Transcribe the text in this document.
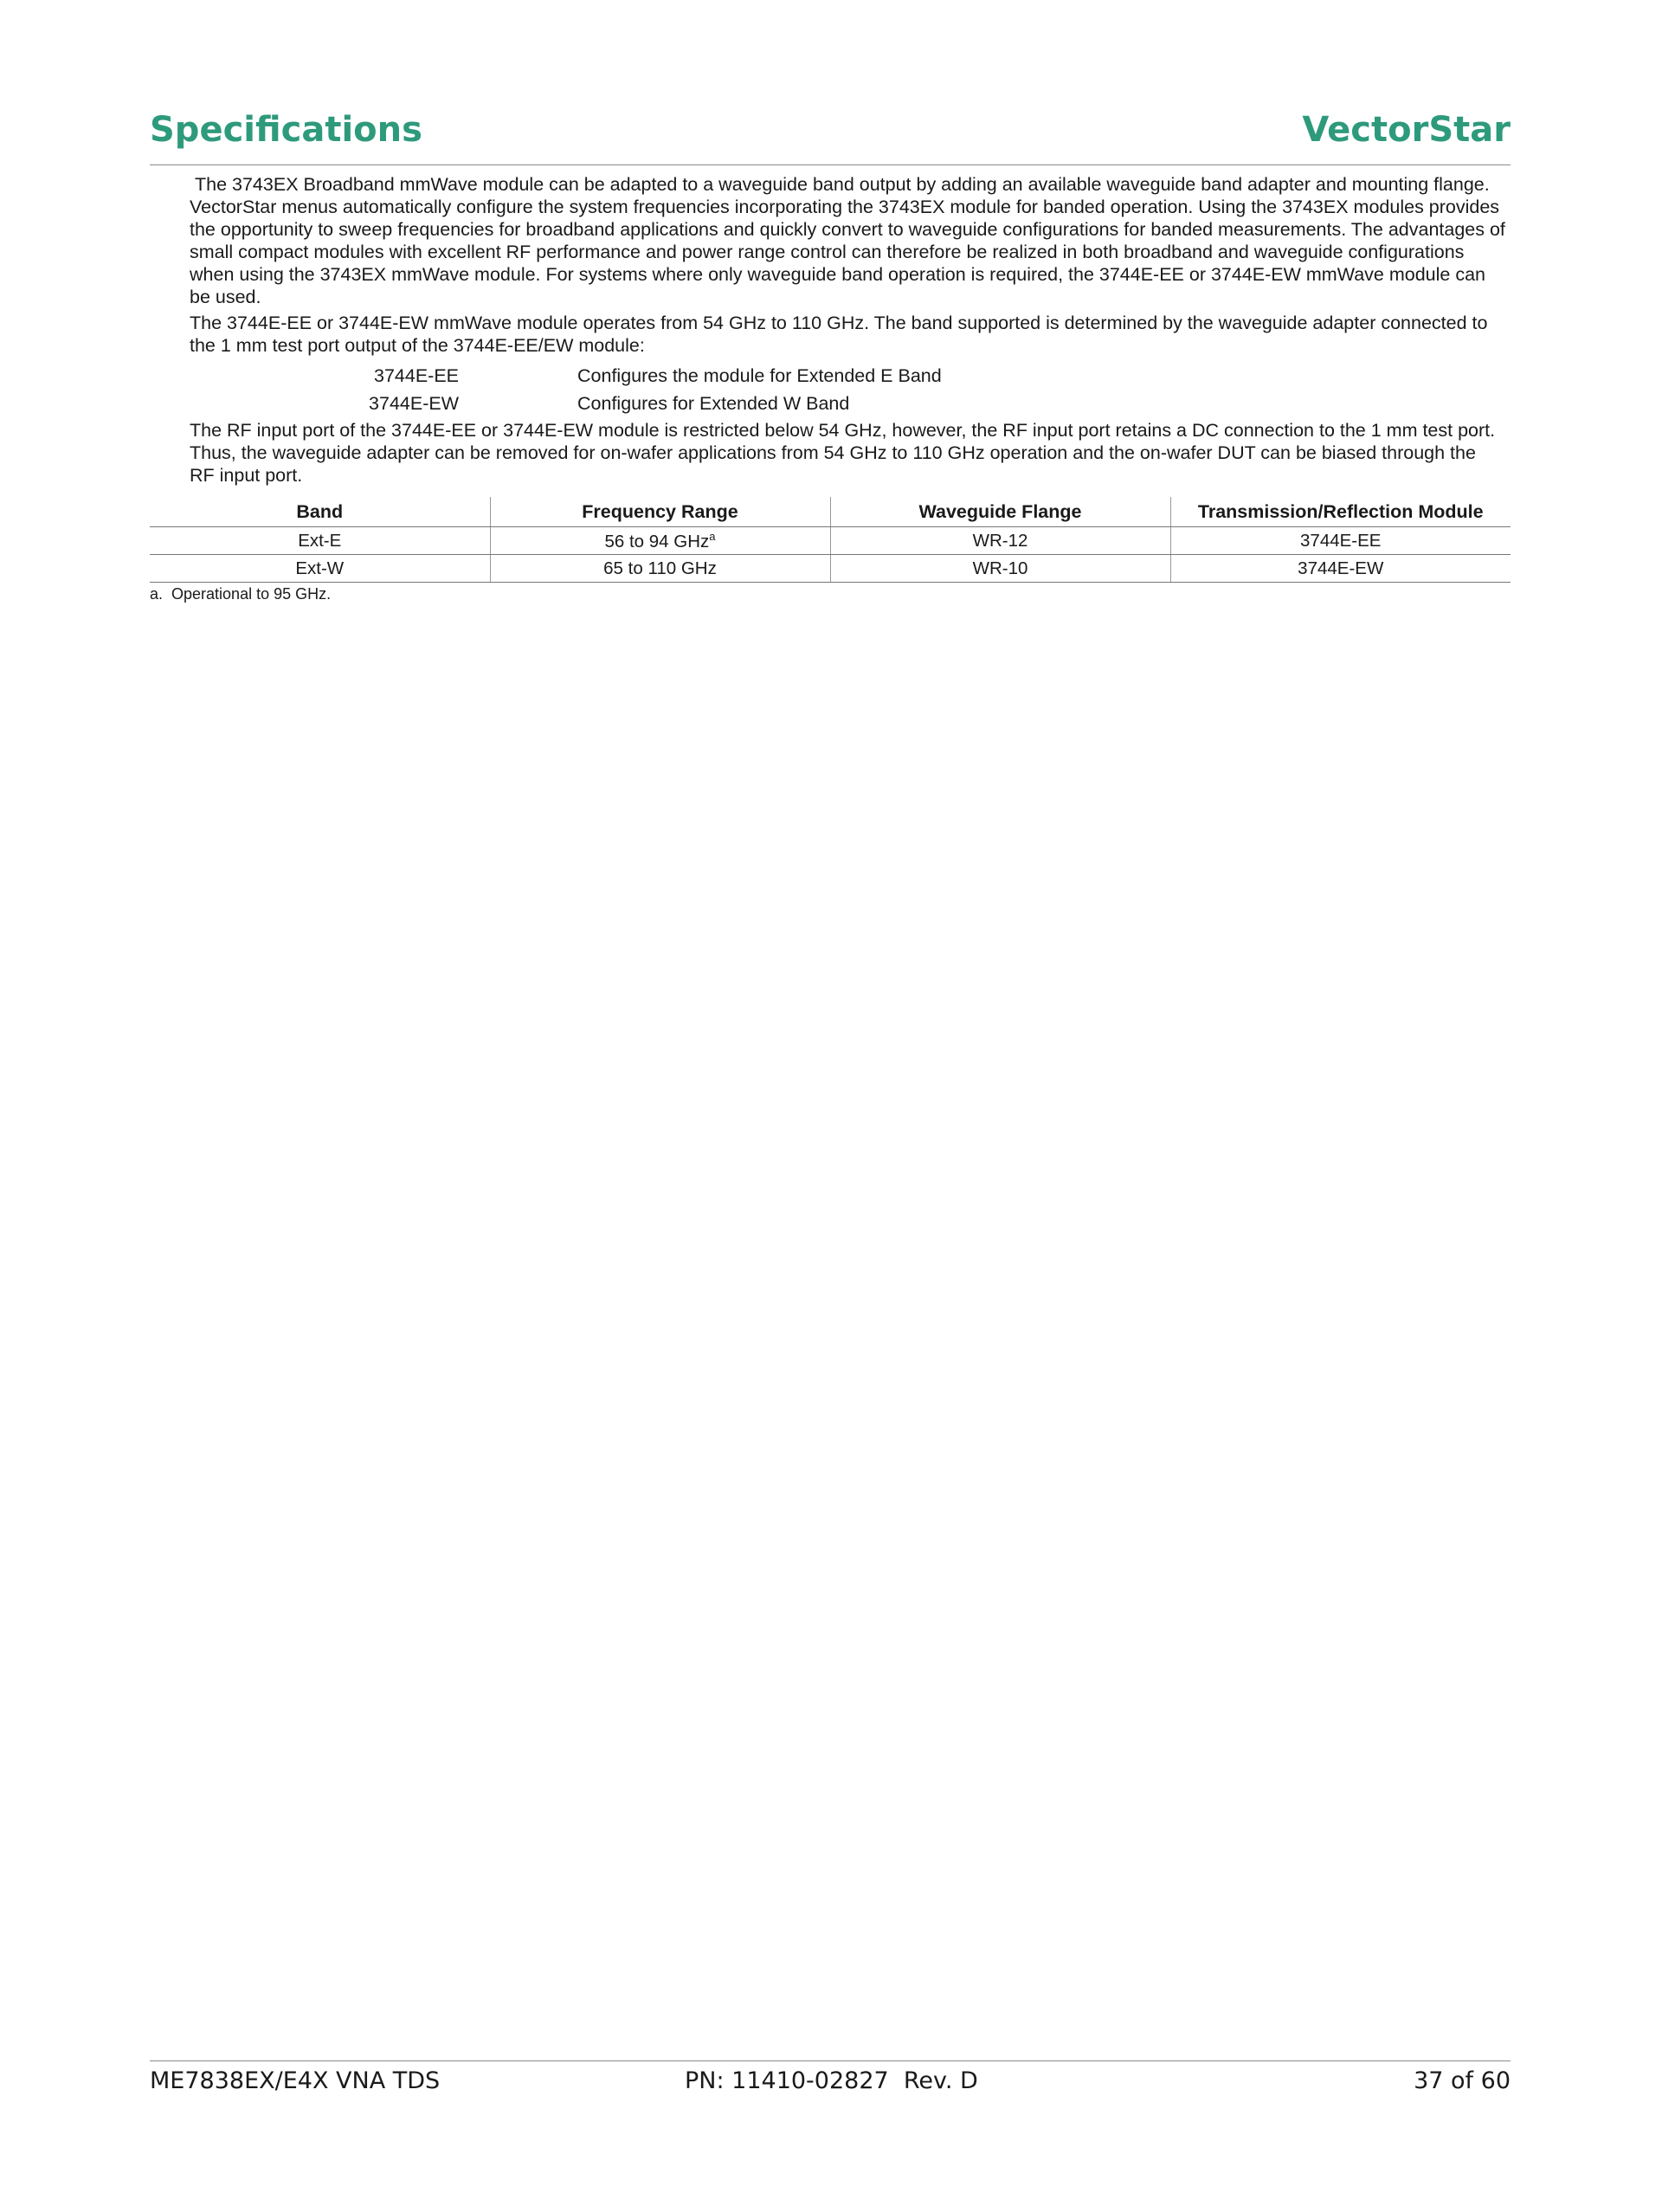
Specifications	VectorStar

The 3743EX Broadband mmWave module can be adapted to a waveguide band output by adding an available waveguide band adapter and mounting flange. VectorStar menus automatically configure the system frequencies incorporating the 3743EX module for banded operation. Using the 3743EX modules provides the opportunity to sweep frequencies for broadband applications and quickly convert to waveguide configurations for banded measurements. The advantages of small compact modules with excellent RF performance and power range control can therefore be realized in both broadband and waveguide configurations when using the 3743EX mmWave module. For systems where only waveguide band operation is required, the 3744E-EE or 3744E-EW mmWave module can be used.

The 3744E-EE or 3744E-EW mmWave module operates from 54 GHz to 110 GHz. The band supported is determined by the waveguide adapter connected to the 1 mm test port output of the 3744E-EE/EW module:

3744E-EE	Configures the module for Extended E Band
3744E-EW	Configures for Extended W Band

The RF input port of the 3744E-EE or 3744E-EW module is restricted below 54 GHz, however, the RF input port retains a DC connection to the 1 mm test port. Thus, the waveguide adapter can be removed for on-wafer applications from 54 GHz to 110 GHz operation and the on-wafer DUT can be biased through the RF input port.

Band	Frequency Range	Waveguide Flange	Transmission/Reflection Module
Ext-E	56 to 94 GHz$^a$	WR-12	3744E-EE
Ext-W	65 to 110 GHz	WR-10	3744E-EW

a. Operational to 95 GHz.

ME7838EX/E4X VNA TDS	PN: 11410-02827  Rev. D	37 of 60
